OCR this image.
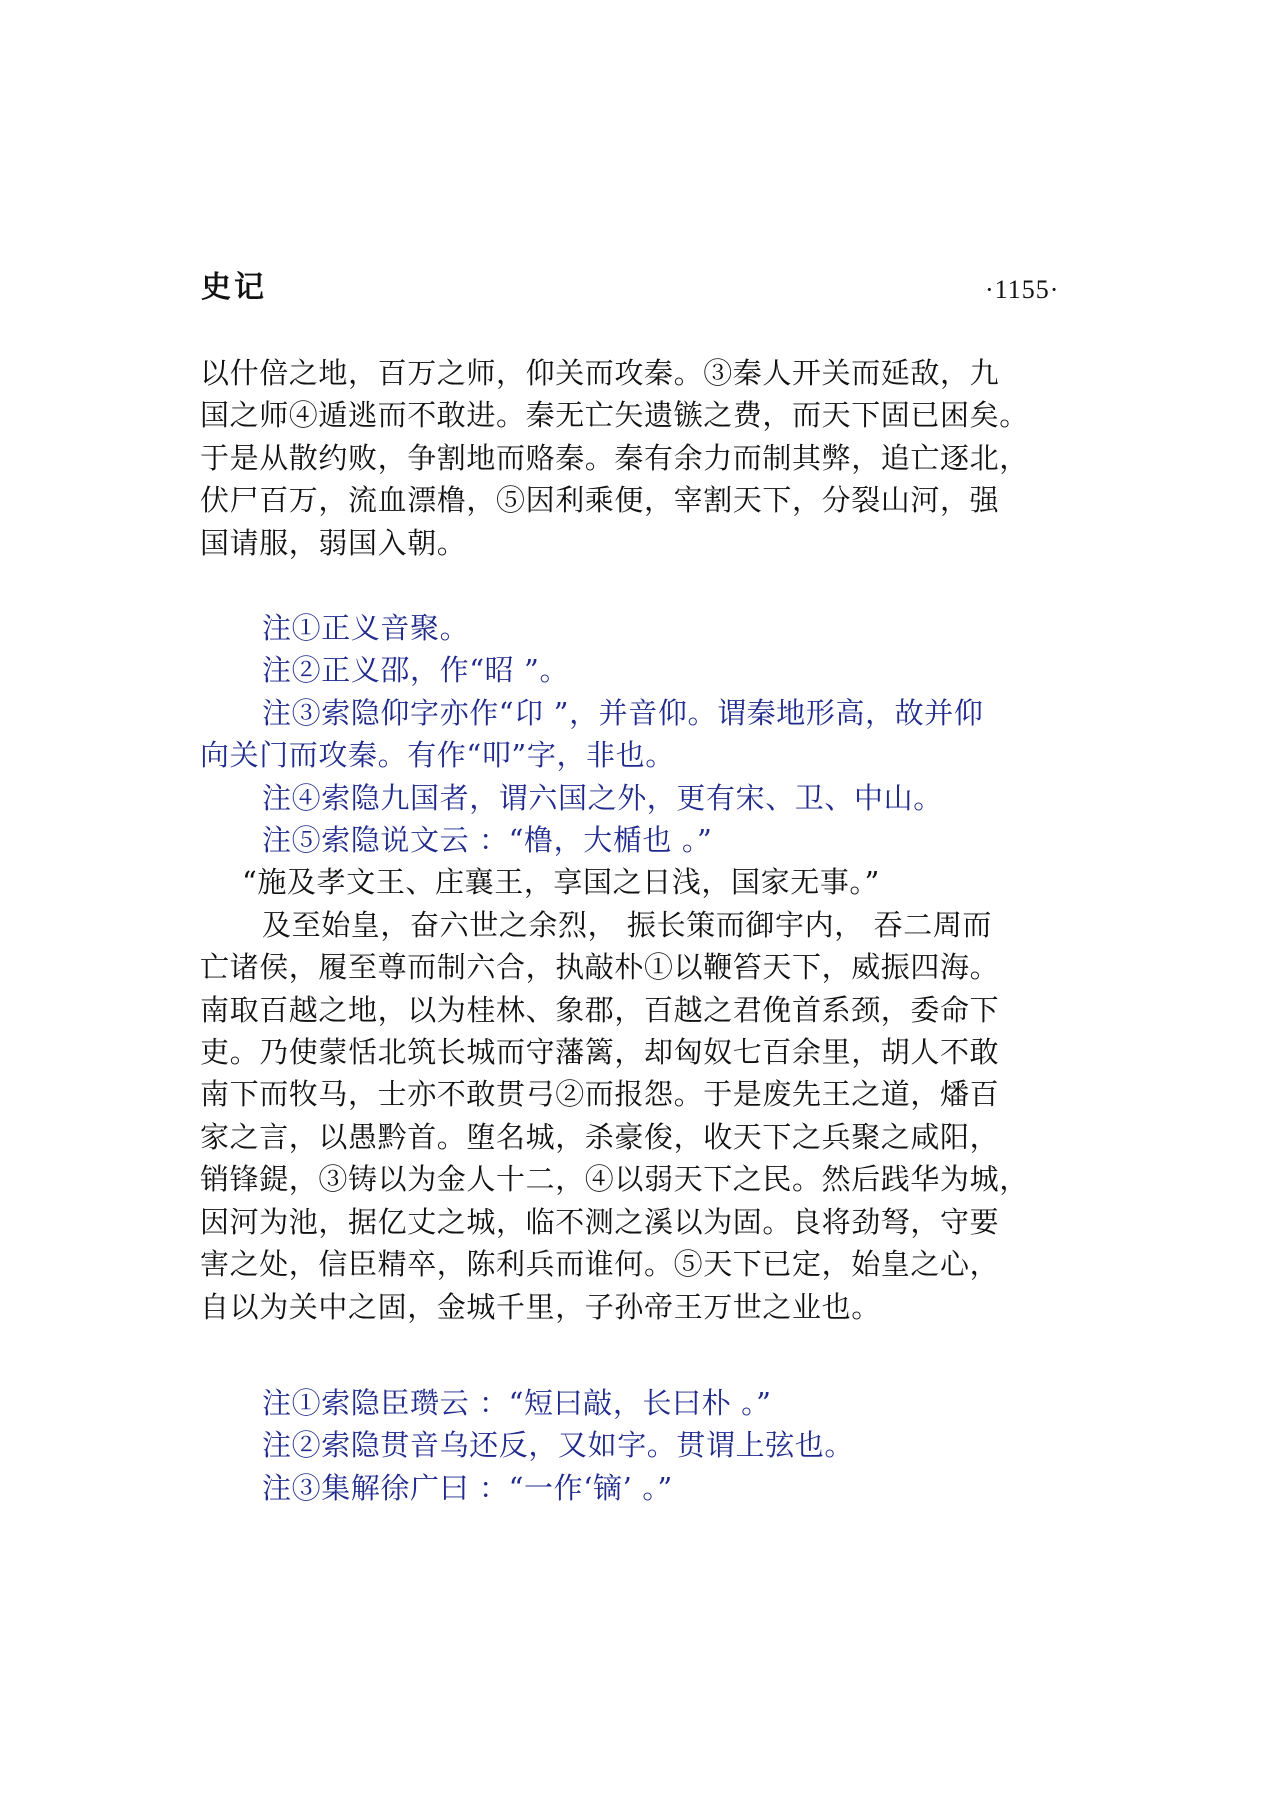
史记	·1155·

以什倍之地，百万之师，仰关而攻秦。③秦人开关而延敌，九

国之师④遁逃而不敢进。秦无亡矢遗镞之费，而天下固已困矣。

于是从散约败，争割地而赂秦。秦有余力而制其弊，追亡逐北，

伏尸百万，流血漂橹，⑤因利乘便，宰割天下，分裂山河，强

国请服，弱国入朝。

注①正义音聚。

注②正义邵，作“昭 ”。

注③索隐仰字亦作“卬 ”，并音仰。谓秦地形高，故并仰

向关门而攻秦。有作“叩”字，非也。

注④索隐九国者，谓六国之外，更有宋、卫、中山。

注⑤索隐说文云 ：“橹，大楯也 。”

“施及孝文王、庄襄王，享国之日浅，国家无事。”

及至始皇，奋六世之余烈， 振长策而御宇内， 吞二周而

亡诸侯，履至尊而制六合，执敲朴①以鞭笞天下，威振四海。

南取百越之地，以为桂林、象郡，百越之君俛首系颈，委命下

吏。乃使蒙恬北筑长城而守藩篱，却匈奴七百余里，胡人不敢

南下而牧马，士亦不敢贯弓②而报怨。于是废先王之道，燔百

家之言，以愚黔首。堕名城，杀豪俊，收天下之兵聚之咸阳，

销锋鍉，③铸以为金人十二，④以弱天下之民。然后践华为城，

因河为池，据亿丈之城，临不测之溪以为固。良将劲弩，守要

害之处，信臣精卒，陈利兵而谁何。⑤天下已定，始皇之心，

自以为关中之固，金城千里，子孙帝王万世之业也。

注①索隐臣瓒云 ：“短曰敲，长曰朴 。”

注②索隐贯音乌还反，又如字。贯谓上弦也。

注③集解徐广曰 ：“一作‘镝’ 。”
